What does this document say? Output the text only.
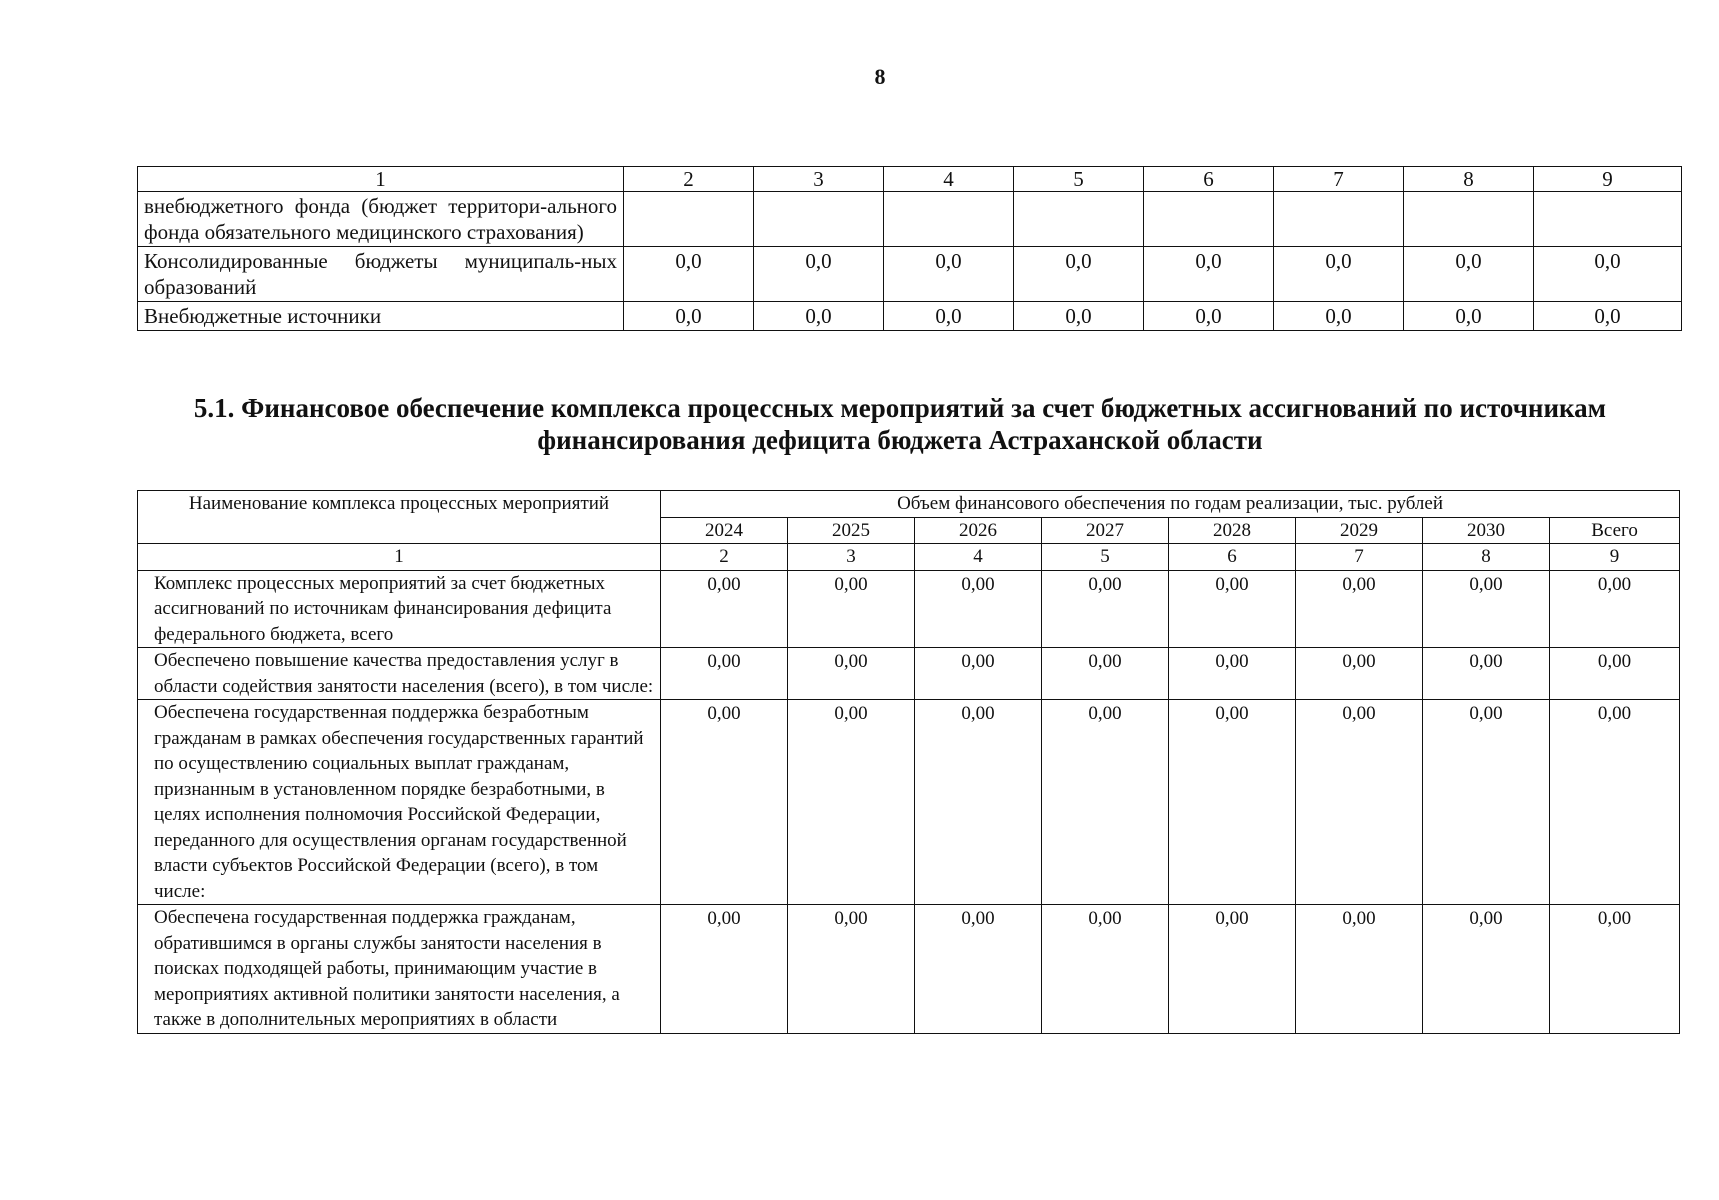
8
1	2	3	4	5	6	7	8	9
внебюджетного фонда (бюджет территори-ального фонда обязательного медицинского страхования)								
Консолидированные бюджеты муниципаль-ных образований	0,0	0,0	0,0	0,0	0,0	0,0	0,0	0,0
Внебюджетные источники	0,0	0,0	0,0	0,0	0,0	0,0	0,0	0,0
5.1. Финансовое обеспечение комплекса процессных мероприятий за счет бюджетных ассигнований по источникам
финансирования дефицита бюджета Астраханской области
Наименование комплекса процессных мероприятий	Объем финансового обеспечения по годам реализации, тыс. рублей							
	2024	2025	2026	2027	2028	2029	2030	Всего
1	2	3	4	5	6	7	8	9
Комплекс процессных мероприятий за счет бюджетных ассигнований по источникам финансирования дефицита федерального бюджета, всего	0,00	0,00	0,00	0,00	0,00	0,00	0,00	0,00
Обеспечено повышение качества предоставления услуг в области содействия занятости населения (всего), в том числе:	0,00	0,00	0,00	0,00	0,00	0,00	0,00	0,00
Обеспечена государственная поддержка безработным гражданам в рамках обеспечения государственных гарантий по осуществлению социальных выплат гражданам, признанным в установленном порядке безработными, в целях исполнения полномочия Российской Федерации, переданного для осуществления органам государственной власти субъектов Российской Федерации (всего), в том числе:	0,00	0,00	0,00	0,00	0,00	0,00	0,00	0,00
Обеспечена государственная поддержка гражданам, обратившимся в органы службы занятости населения в поисках подходящей работы, принимающим участие в мероприятиях активной политики занятости населения, а также в дополнительных мероприятиях в области	0,00	0,00	0,00	0,00	0,00	0,00	0,00	0,00
